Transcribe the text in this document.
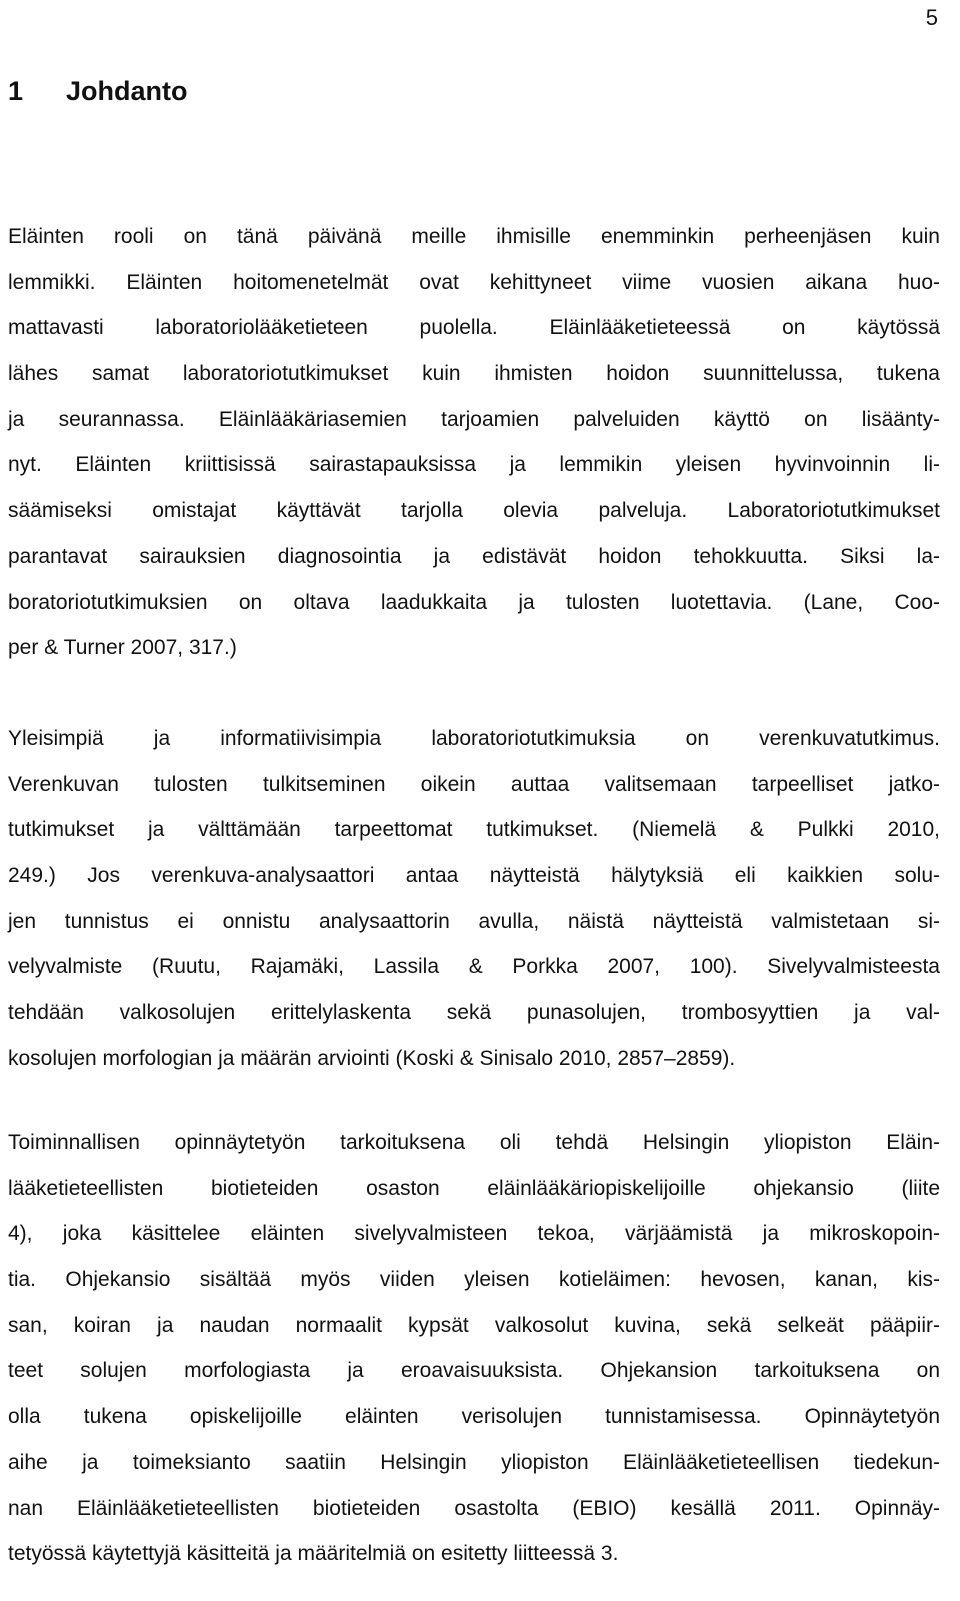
5
1 Johdanto

Eläinten rooli on tänä päivänä meille ihmisille enemminkin perheenjäsen kuin
lemmikki. Eläinten hoitomenetelmät ovat kehittyneet viime vuosien aikana huo-
mattavasti laboratoriolääketieteen puolella. Eläinlääketieteessä on käytössä
lähes samat laboratoriotutkimukset kuin ihmisten hoidon suunnittelussa, tukena
ja seurannassa. Eläinlääkäriasemien tarjoamien palveluiden käyttö on lisäänty-
nyt. Eläinten kriittisissä sairastapauksissa ja lemmikin yleisen hyvinvoinnin li-
säämiseksi omistajat käyttävät tarjolla olevia palveluja. Laboratoriotutkimukset
parantavat sairauksien diagnosointia ja edistävät hoidon tehokkuutta. Siksi la-
boratoriotutkimuksien on oltava laadukkaita ja tulosten luotettavia. (Lane, Coo-
per & Turner 2007, 317.)

Yleisimpiä ja informatiivisimpia laboratoriotutkimuksia on verenkuvatutkimus.
Verenkuvan tulosten tulkitseminen oikein auttaa valitsemaan tarpeelliset jatko-
tutkimukset ja välttämään tarpeettomat tutkimukset. (Niemelä & Pulkki 2010,
249.) Jos verenkuva-analysaattori antaa näytteistä hälytyksiä eli kaikkien solu-
jen tunnistus ei onnistu analysaattorin avulla, näistä näytteistä valmistetaan si-
velyvalmiste (Ruutu, Rajamäki, Lassila & Porkka 2007, 100). Sivelyvalmisteesta
tehdään valkosolujen erittelylaskenta sekä punasolujen, trombosyyttien ja val-
kosolujen morfologian ja määrän arviointi (Koski & Sinisalo 2010, 2857–2859).

Toiminnallisen opinnäytetyön tarkoituksena oli tehdä Helsingin yliopiston Eläin-
lääketieteellisten biotieteiden osaston eläinlääkäriopiskelijoille ohjekansio (liite
4), joka käsittelee eläinten sivelyvalmisteen tekoa, värjäämistä ja mikroskopoin-
tia. Ohjekansio sisältää myös viiden yleisen kotieläimen: hevosen, kanan, kis-
san, koiran ja naudan normaalit kypsät valkosolut kuvina, sekä selkeät pääpiir-
teet solujen morfologiasta ja eroavaisuuksista. Ohjekansion tarkoituksena on
olla tukena opiskelijoille eläinten verisolujen tunnistamisessa. Opinnäytetyön
aihe ja toimeksianto saatiin Helsingin yliopiston Eläinlääketieteellisen tiedekun-
nan Eläinlääketieteellisten biotieteiden osastolta (EBIO) kesällä 2011. Opinnäy-
tetyössä käytettyjä käsitteitä ja määritelmiä on esitetty liitteessä 3.
